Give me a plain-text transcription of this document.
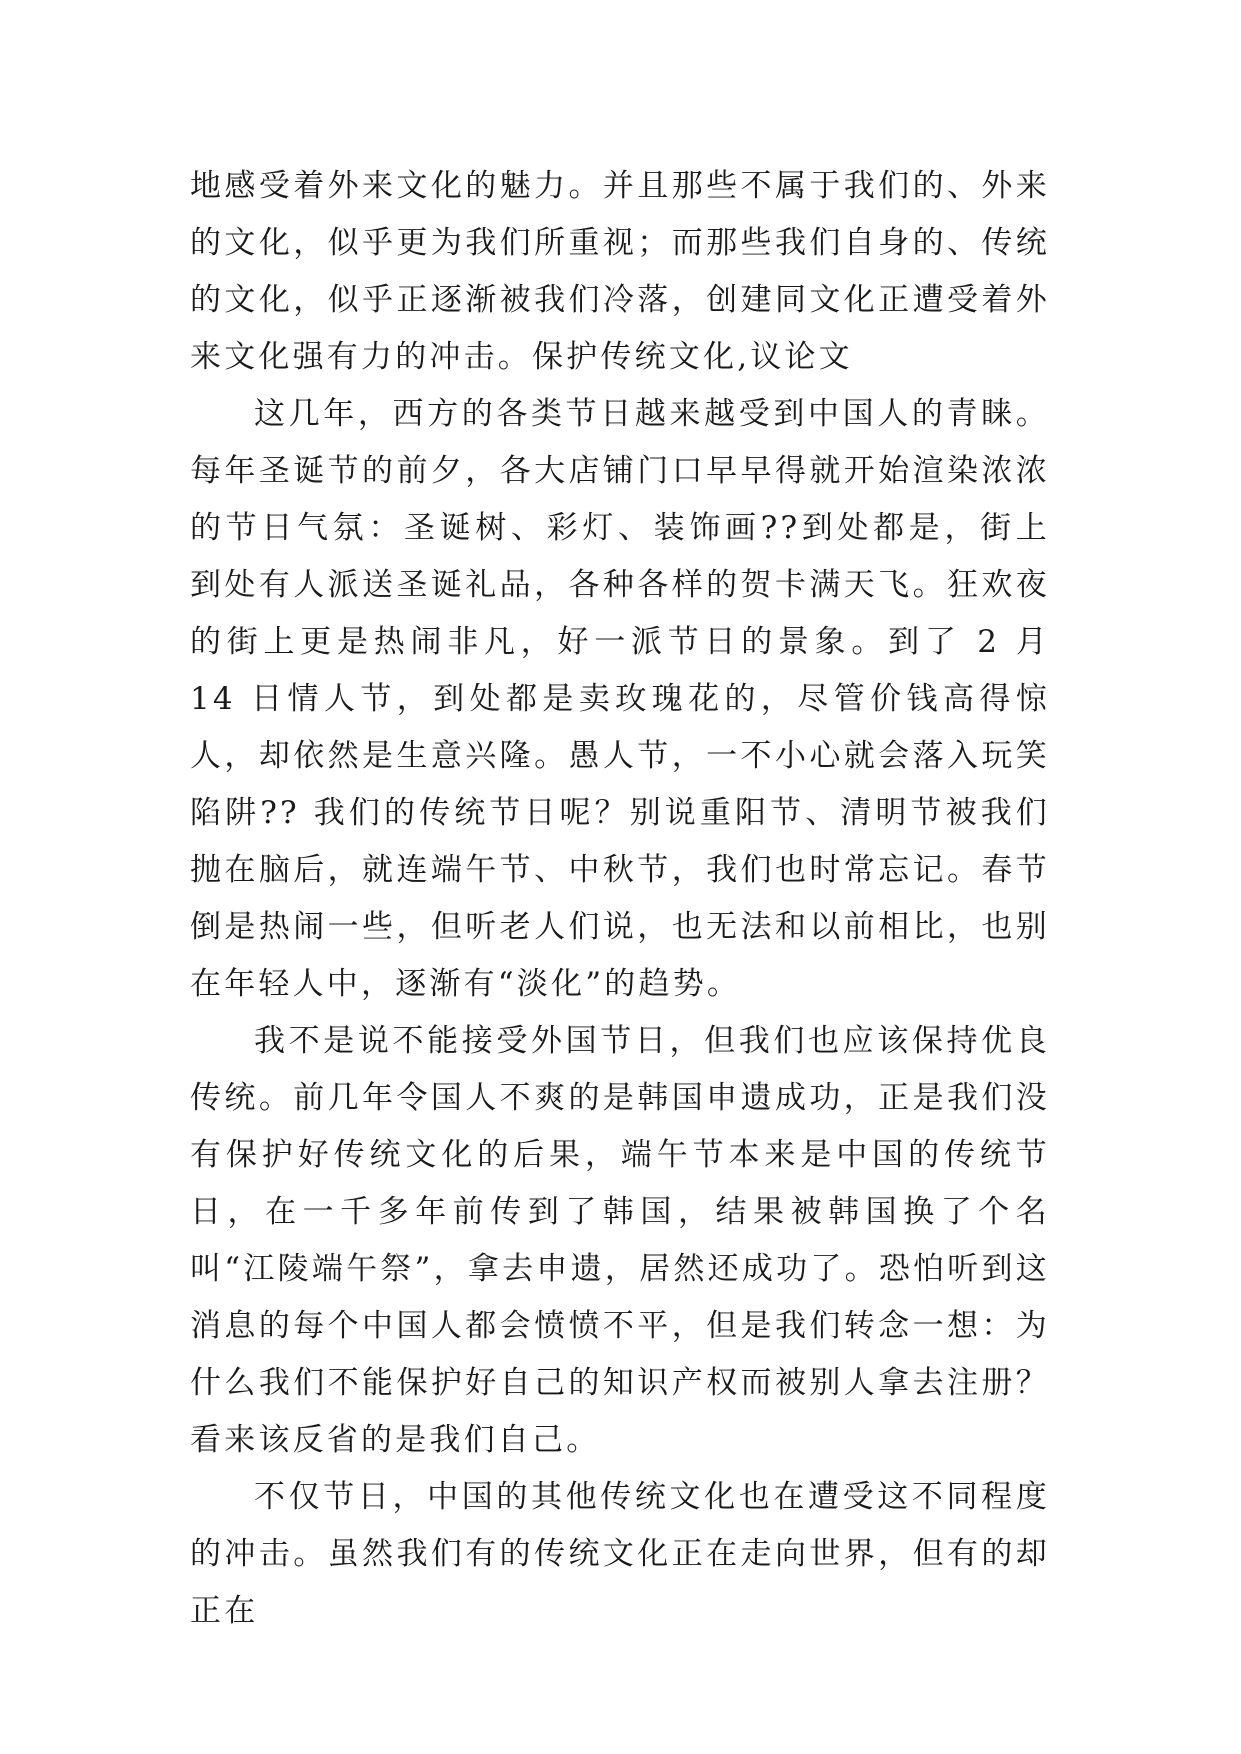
地感受着外来文化的魅力。并且那些不属于我们的、外来的文化，似乎更为我们所重视；而那些我们自身的、传统的文化，似乎正逐渐被我们冷落，创建同文化正遭受着外来文化强有力的冲击。保护传统文化,议论文

这几年，西方的各类节日越来越受到中国人的青睐。每年圣诞节的前夕，各大店铺门口早早得就开始渲染浓浓的节日气氛：圣诞树、彩灯、装饰画??到处都是，街上到处有人派送圣诞礼品，各种各样的贺卡满天飞。狂欢夜的街上更是热闹非凡，好一派节日的景象。到了 2 月 14 日情人节，到处都是卖玫瑰花的，尽管价钱高得惊人，却依然是生意兴隆。愚人节，一不小心就会落入玩笑陷阱?? 我们的传统节日呢？别说重阳节、清明节被我们抛在脑后，就连端午节、中秋节，我们也时常忘记。春节倒是热闹一些，但听老人们说，也无法和以前相比，也别在年轻人中，逐渐有“淡化”的趋势。

我不是说不能接受外国节日，但我们也应该保持优良传统。前几年令国人不爽的是韩国申遗成功，正是我们没有保护好传统文化的后果，端午节本来是中国的传统节日，在一千多年前传到了韩国，结果被韩国换了个名叫“江陵端午祭”，拿去申遗，居然还成功了。恐怕听到这消息的每个中国人都会愤愤不平，但是我们转念一想：为什么我们不能保护好自己的知识产权而被别人拿去注册？看来该反省的是我们自己。

不仅节日，中国的其他传统文化也在遭受这不同程度的冲击。虽然我们有的传统文化正在走向世界，但有的却正在
